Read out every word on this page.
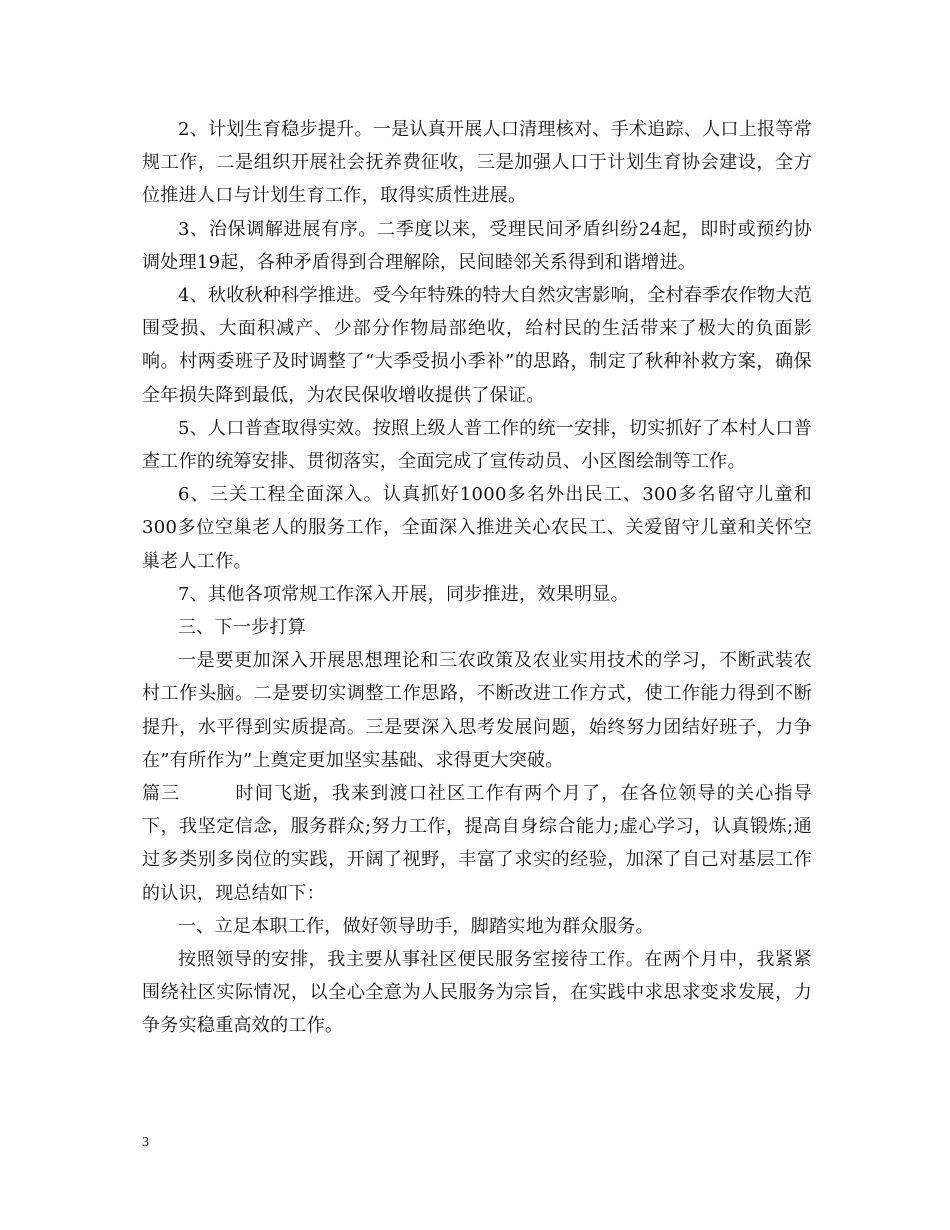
2、计划生育稳步提升。一是认真开展人口清理核对、手术追踪、人口上报等常规工作，二是组织开展社会抚养费征收，三是加强人口于计划生育协会建设，全方位推进人口与计划生育工作，取得实质性进展。

3、治保调解进展有序。二季度以来，受理民间矛盾纠纷24起，即时或预约协调处理19起，各种矛盾得到合理解除，民间睦邻关系得到和谐增进。

4、秋收秋种科学推进。受今年特殊的特大自然灾害影响，全村春季农作物大范围受损、大面积减产、少部分作物局部绝收，给村民的生活带来了极大的负面影响。村两委班子及时调整了“大季受损小季补”的思路，制定了秋种补救方案，确保全年损失降到最低，为农民保收增收提供了保证。

5、人口普查取得实效。按照上级人普工作的统一安排，切实抓好了本村人口普查工作的统筹安排、贯彻落实，全面完成了宣传动员、小区图绘制等工作。

6、三关工程全面深入。认真抓好1000多名外出民工、300多名留守儿童和300多位空巢老人的服务工作，全面深入推进关心农民工、关爱留守儿童和关怀空巢老人工作。

7、其他各项常规工作深入开展，同步推进，效果明显。

三、下一步打算

一是要更加深入开展思想理论和三农政策及农业实用技术的学习，不断武装农村工作头脑。二是要切实调整工作思路，不断改进工作方式，使工作能力得到不断提升，水平得到实质提高。三是要深入思考发展问题，始终努力团结好班子，力争在”有所作为”上奠定更加坚实基础、求得更大突破。

篇三	时间飞逝，我来到渡口社区工作有两个月了，在各位领导的关心指导下，我坚定信念，服务群众;努力工作，提高自身综合能力;虚心学习，认真锻炼;通过多类别多岗位的实践，开阔了视野，丰富了求实的经验，加深了自己对基层工作的认识，现总结如下：

一、立足本职工作，做好领导助手，脚踏实地为群众服务。

按照领导的安排，我主要从事社区便民服务室接待工作。在两个月中，我紧紧围绕社区实际情况，以全心全意为人民服务为宗旨，在实践中求思求变求发展，力争务实稳重高效的工作。

3
